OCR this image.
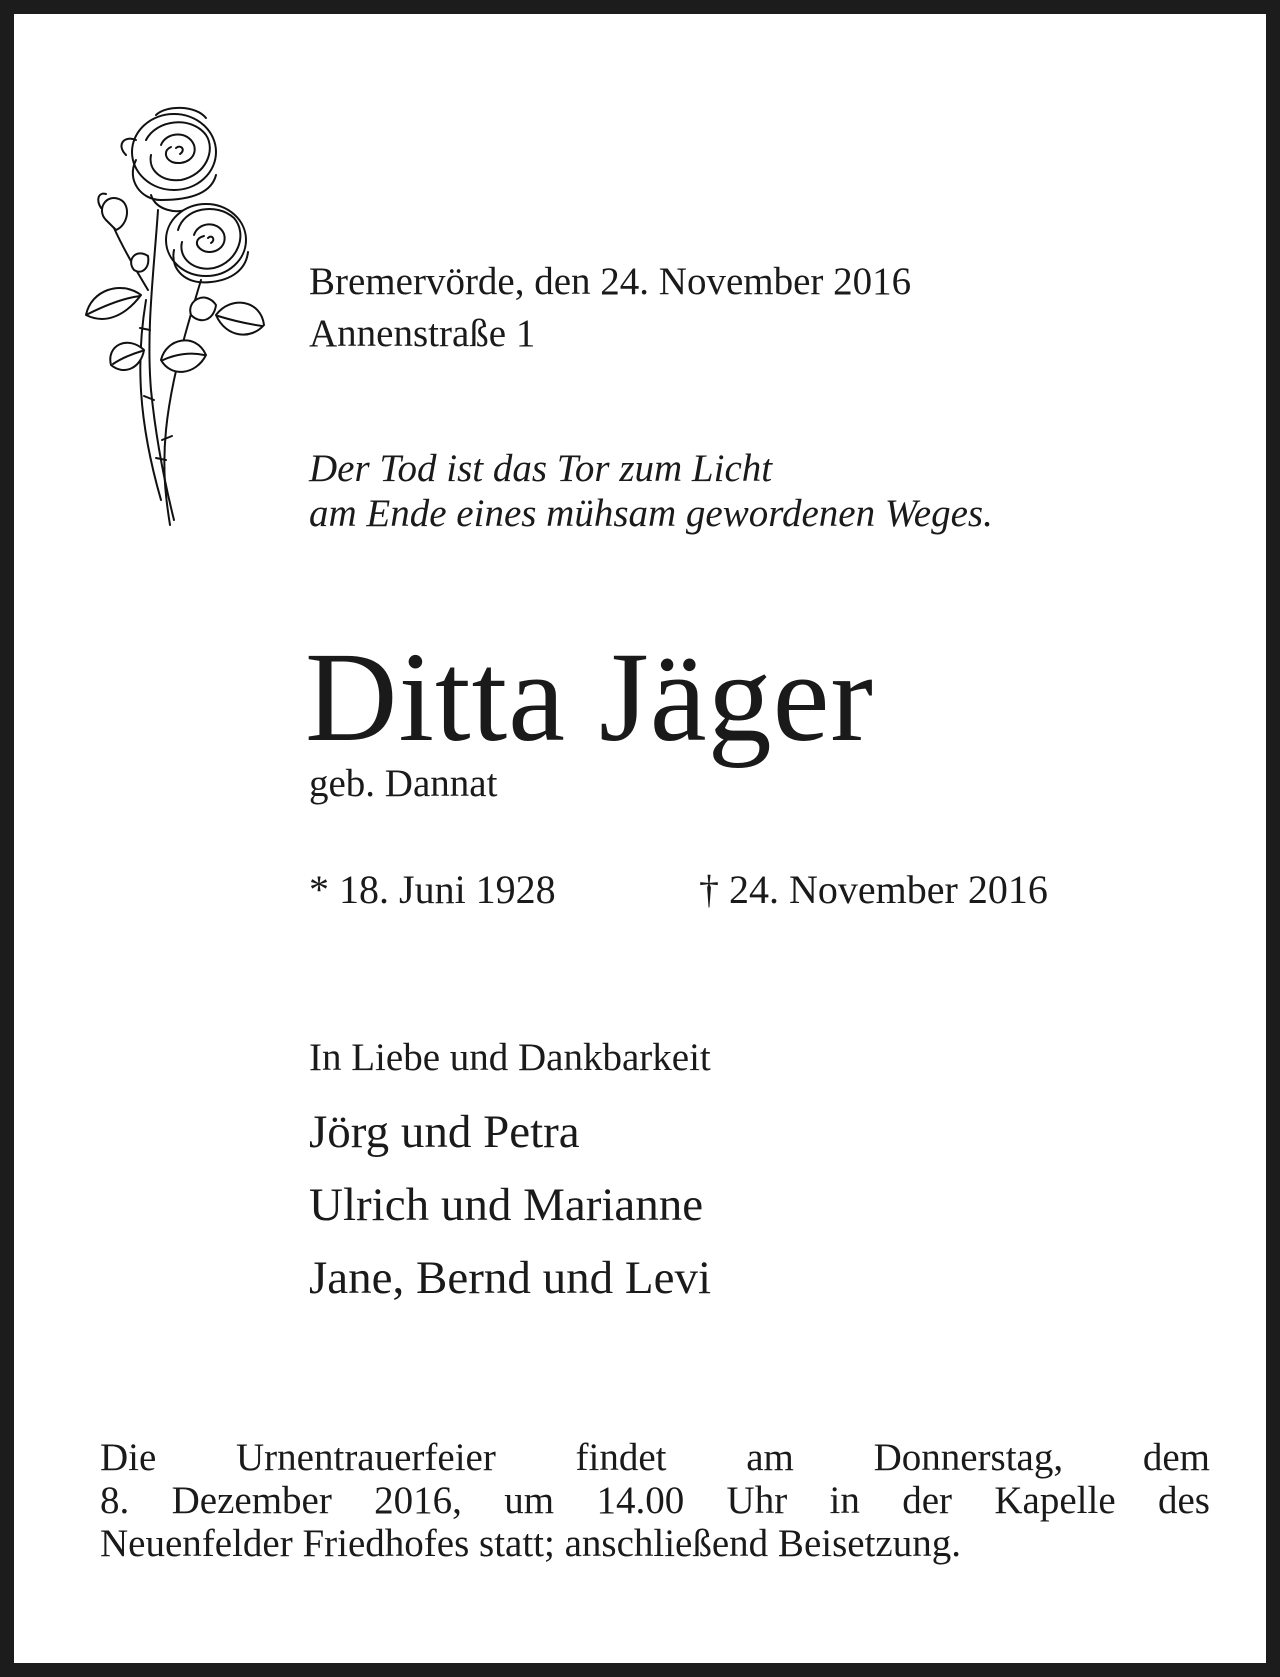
Bremervörde, den 24. November 2016
Annenstraße 1
Der Tod ist das Tor zum Licht
am Ende eines mühsam gewordenen Weges.
Ditta Jäger
geb. Dannat
* 18. Juni 1928	† 24. November 2016
In Liebe und Dankbarkeit
Jörg und Petra
Ulrich und Marianne
Jane, Bernd und Levi
Die Urnentrauerfeier findet am Donnerstag, dem
8. Dezember 2016, um 14.00 Uhr in der Kapelle des
Neuenfelder Friedhofes statt; anschließend Beisetzung.
